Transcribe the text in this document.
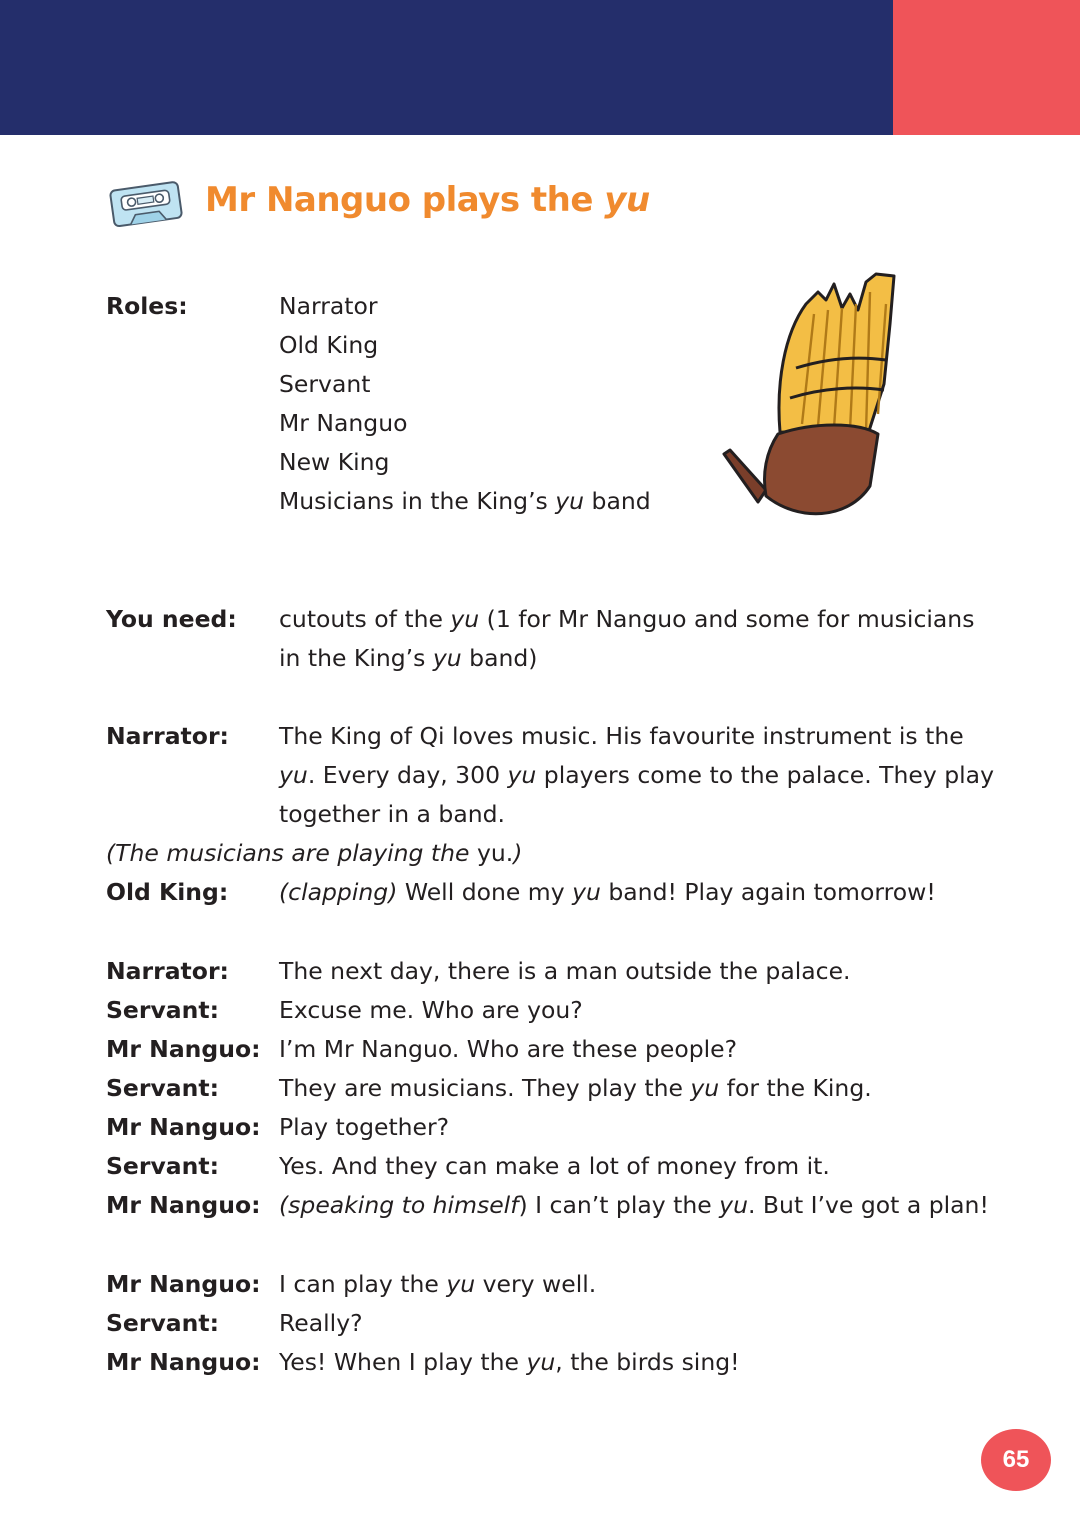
Mr Nanguo plays the yu
Roles:	Narrator
Old King
Servant
Mr Nanguo
New King
Musicians in the King’s yu band
You need: cutouts of the yu (1 for Mr Nanguo and some for musicians
in the King’s yu band)
Narrator: The King of Qi loves music. His favourite instrument is the
yu. Every day, 300 yu players come to the palace. They play
together in a band.
(The musicians are playing the yu.)
Old King: (clapping) Well done my yu band! Play again tomorrow!
Narrator: The next day, there is a man outside the palace.
Servant:	Excuse me. Who are you?
Mr Nanguo: I’m Mr Nanguo. Who are these people?
Servant:	They are musicians. They play the yu for the King.
Mr Nanguo: Play together?
Servant:	Yes. And they can make a lot of money from it.
Mr Nanguo: (speaking to himself) I can’t play the yu. But I’ve got a plan!
Mr Nanguo: I can play the yu very well.
Servant:	Really?
Mr Nanguo: Yes! When I play the yu, the birds sing!
65
